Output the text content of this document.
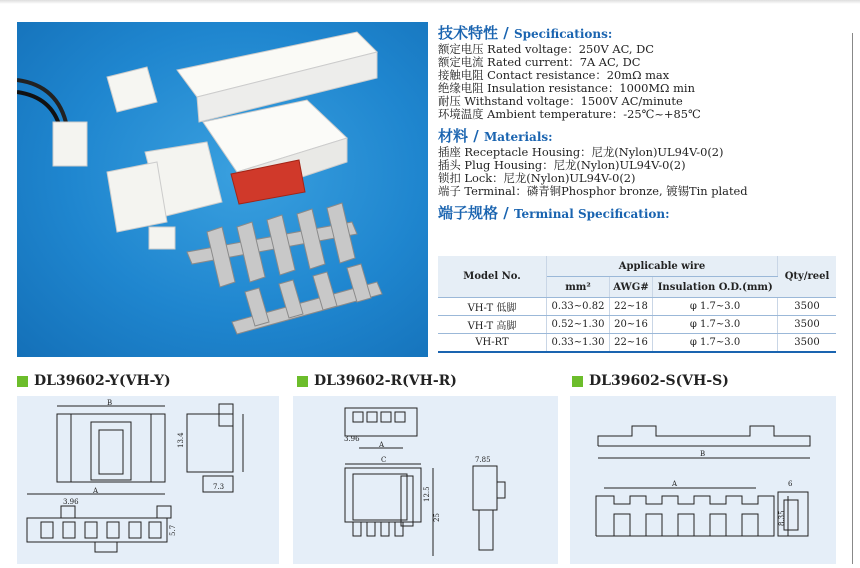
技术特性 / Specifications:
额定电压 Rated voltage：250V AC, DC
额定电流 Rated current：7A AC, DC
接触电阻 Contact resistance：20mΩ max
绝缘电阻 Insulation resistance：1000MΩ min
耐压 Withstand voltage：1500V AC/minute
环境温度 Ambient temperature：-25℃~+85℃
材料 / Materials:
插座 Receptacle Housing：尼龙(Nylon)UL94V-0(2)
插头 Plug Housing：尼龙(Nylon)UL94V-0(2)
锁扣 Lock：尼龙(Nylon)UL94V-0(2)
端子 Terminal：磷青铜Phosphor bronze, 镀锡Tin plated
端子规格 / Terminal Specification:
Model No.	Applicable wire			Qty/reel
	mm²	AWG#	Insulation O.D.(mm)	
VH-T 低脚	0.33~0.82	22~18	φ 1.7~3.0	3500
VH-T 高脚	0.52~1.30	20~16	φ 1.7~3.0	3500
VH-RT	0.33~1.30	22~16	φ 1.7~3.0	3500
DL39602-Y(VH-Y)	DL39602-R(VH-R)	DL39602-S(VH-S)
B
13.4
7.3
A
3.96
5.7
3.96
A
C
12.5
25
7.85
B
A
8.35
6
